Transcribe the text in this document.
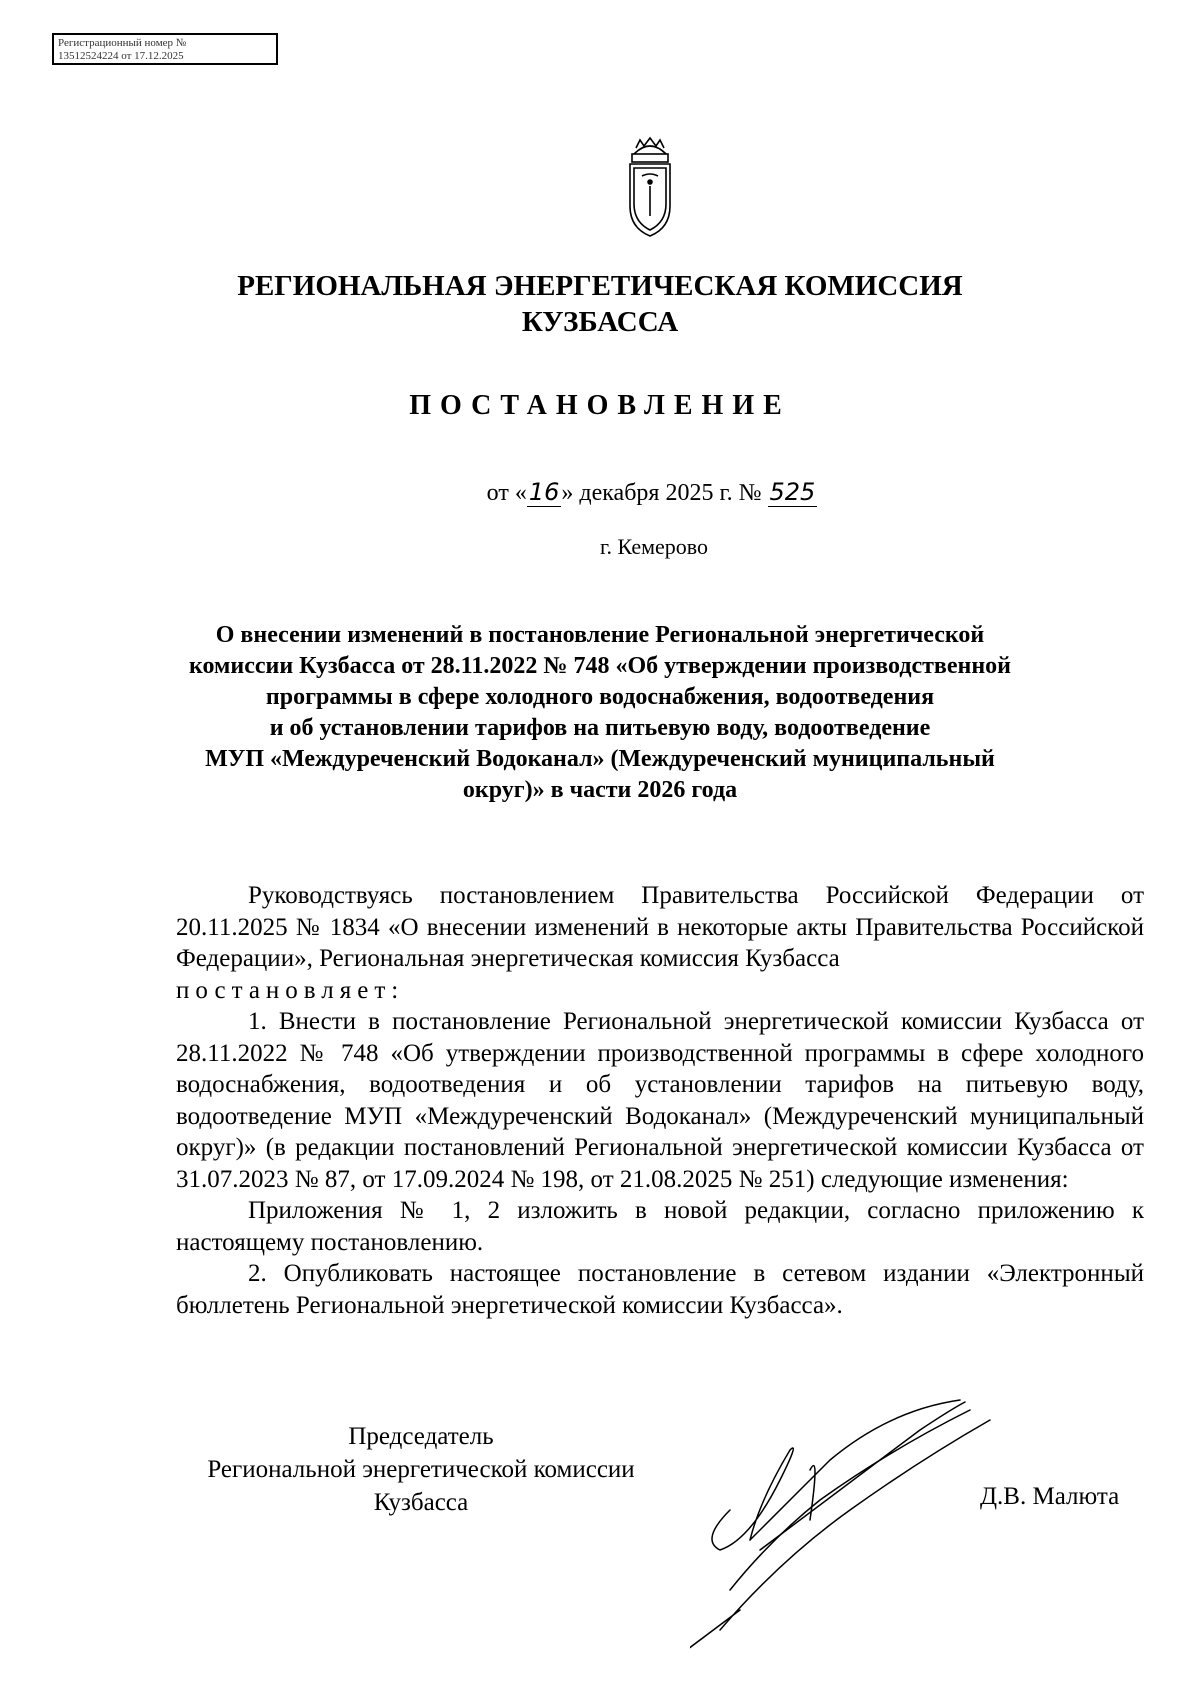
Регистрационный номер №
13512524224 от 17.12.2025
РЕГИОНАЛЬНАЯ ЭНЕРГЕТИЧЕСКАЯ КОМИССИЯ
КУЗБАССА
ПОСТАНОВЛЕНИЕ
от «16» декабря 2025 г. № 525
г. Кемерово
О внесении изменений в постановление Региональной энергетической
комиссии Кузбасса от 28.11.2022 № 748 «Об утверждении производственной
программы в сфере холодного водоснабжения, водоотведения
и об установлении тарифов на питьевую воду, водоотведение
МУП «Междуреченский Водоканал» (Междуреченский муниципальный
округ)» в части 2026 года

Руководствуясь постановлением Правительства Российской Федерации от 20.11.2025 № 1834 «О внесении изменений в некоторые акты Правительства Российской Федерации», Региональная энергетическая комиссия Кузбасса

постановляет:

1. Внести в постановление Региональной энергетической комиссии Кузбасса от 28.11.2022 № 748 «Об утверждении производственной программы в сфере холодного водоснабжения, водоотведения и об установлении тарифов на питьевую воду, водоотведение МУП «Междуреченский Водоканал» (Междуреченский муниципальный округ)» (в редакции постановлений Региональной энергетической комиссии Кузбасса от 31.07.2023 № 87, от 17.09.2024 № 198, от 21.08.2025 № 251) следующие изменения:

Приложения № 1, 2 изложить в новой редакции, согласно приложению к настоящему постановлению.

2. Опубликовать настоящее постановление в сетевом издании «Электронный бюллетень Региональной энергетической комиссии Кузбасса».

Председатель
Региональной энергетической комиссии
Кузбасса	Д.В. Малюта
